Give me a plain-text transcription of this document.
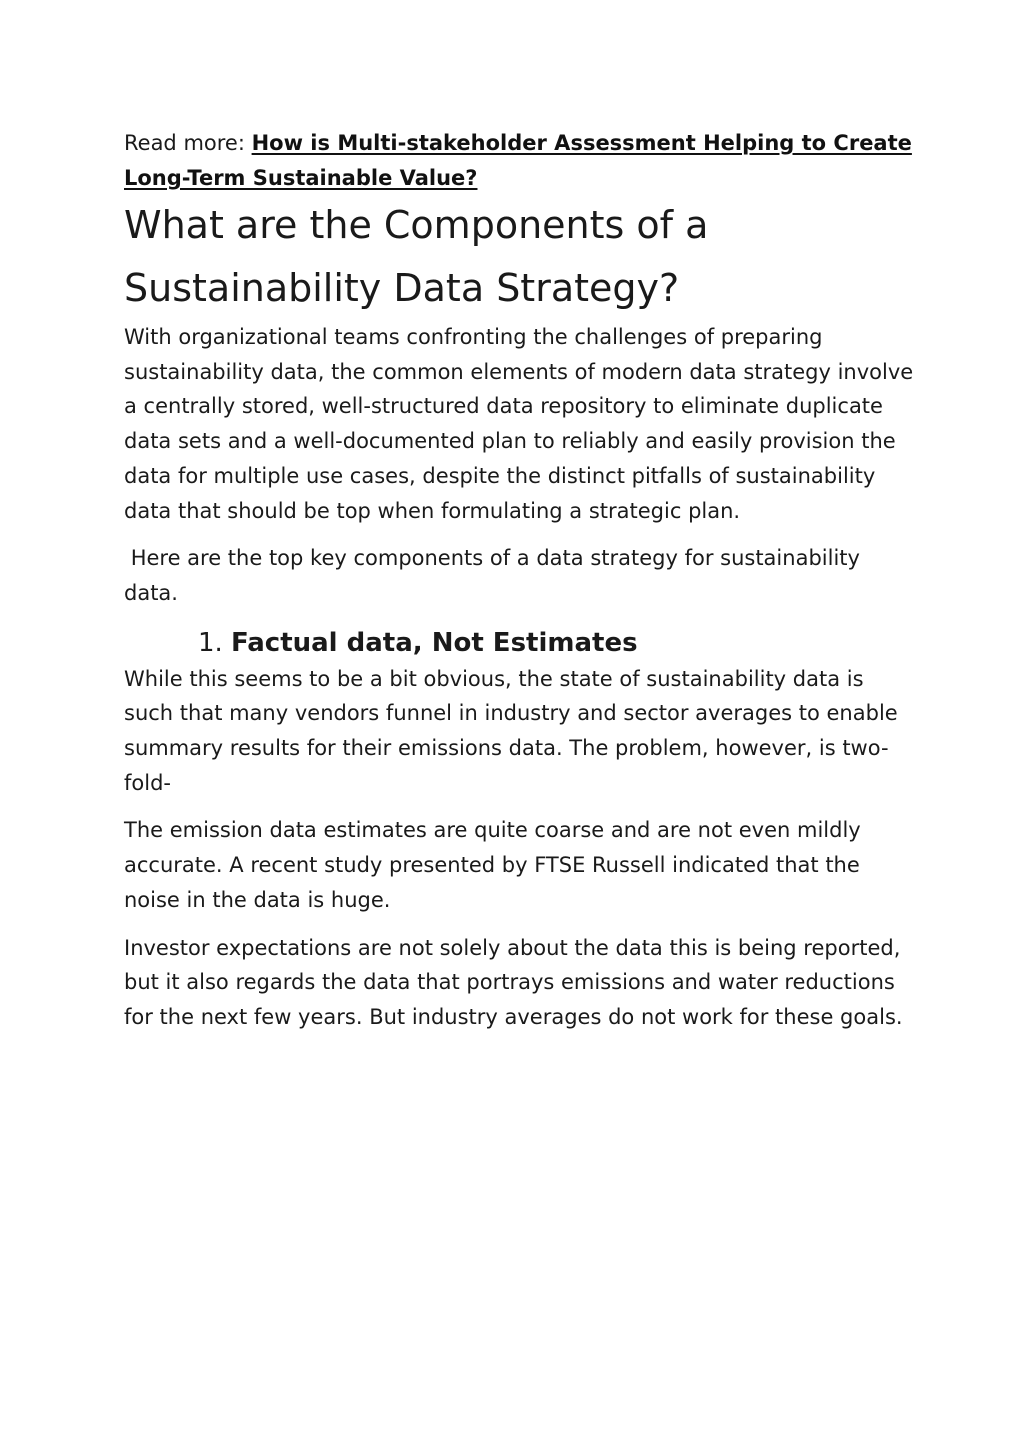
Read more: How is Multi-stakeholder Assessment Helping to Create Long-Term Sustainable Value?

What are the Components of a Sustainability Data Strategy?

With organizational teams confronting the challenges of preparing sustainability data, the common elements of modern data strategy involve a centrally stored, well-structured data repository to eliminate duplicate data sets and a well-documented plan to reliably and easily provision the data for multiple use cases, despite the distinct pitfalls of sustainability data that should be top when formulating a strategic plan.

Here are the top key components of a data strategy for sustainability data.

1. Factual data, Not Estimates

While this seems to be a bit obvious, the state of sustainability data is such that many vendors funnel in industry and sector averages to enable summary results for their emissions data. The problem, however, is two-fold-

The emission data estimates are quite coarse and are not even mildly accurate. A recent study presented by FTSE Russell indicated that the noise in the data is huge.

Investor expectations are not solely about the data this is being reported, but it also regards the data that portrays emissions and water reductions for the next few years. But industry averages do not work for these goals.
